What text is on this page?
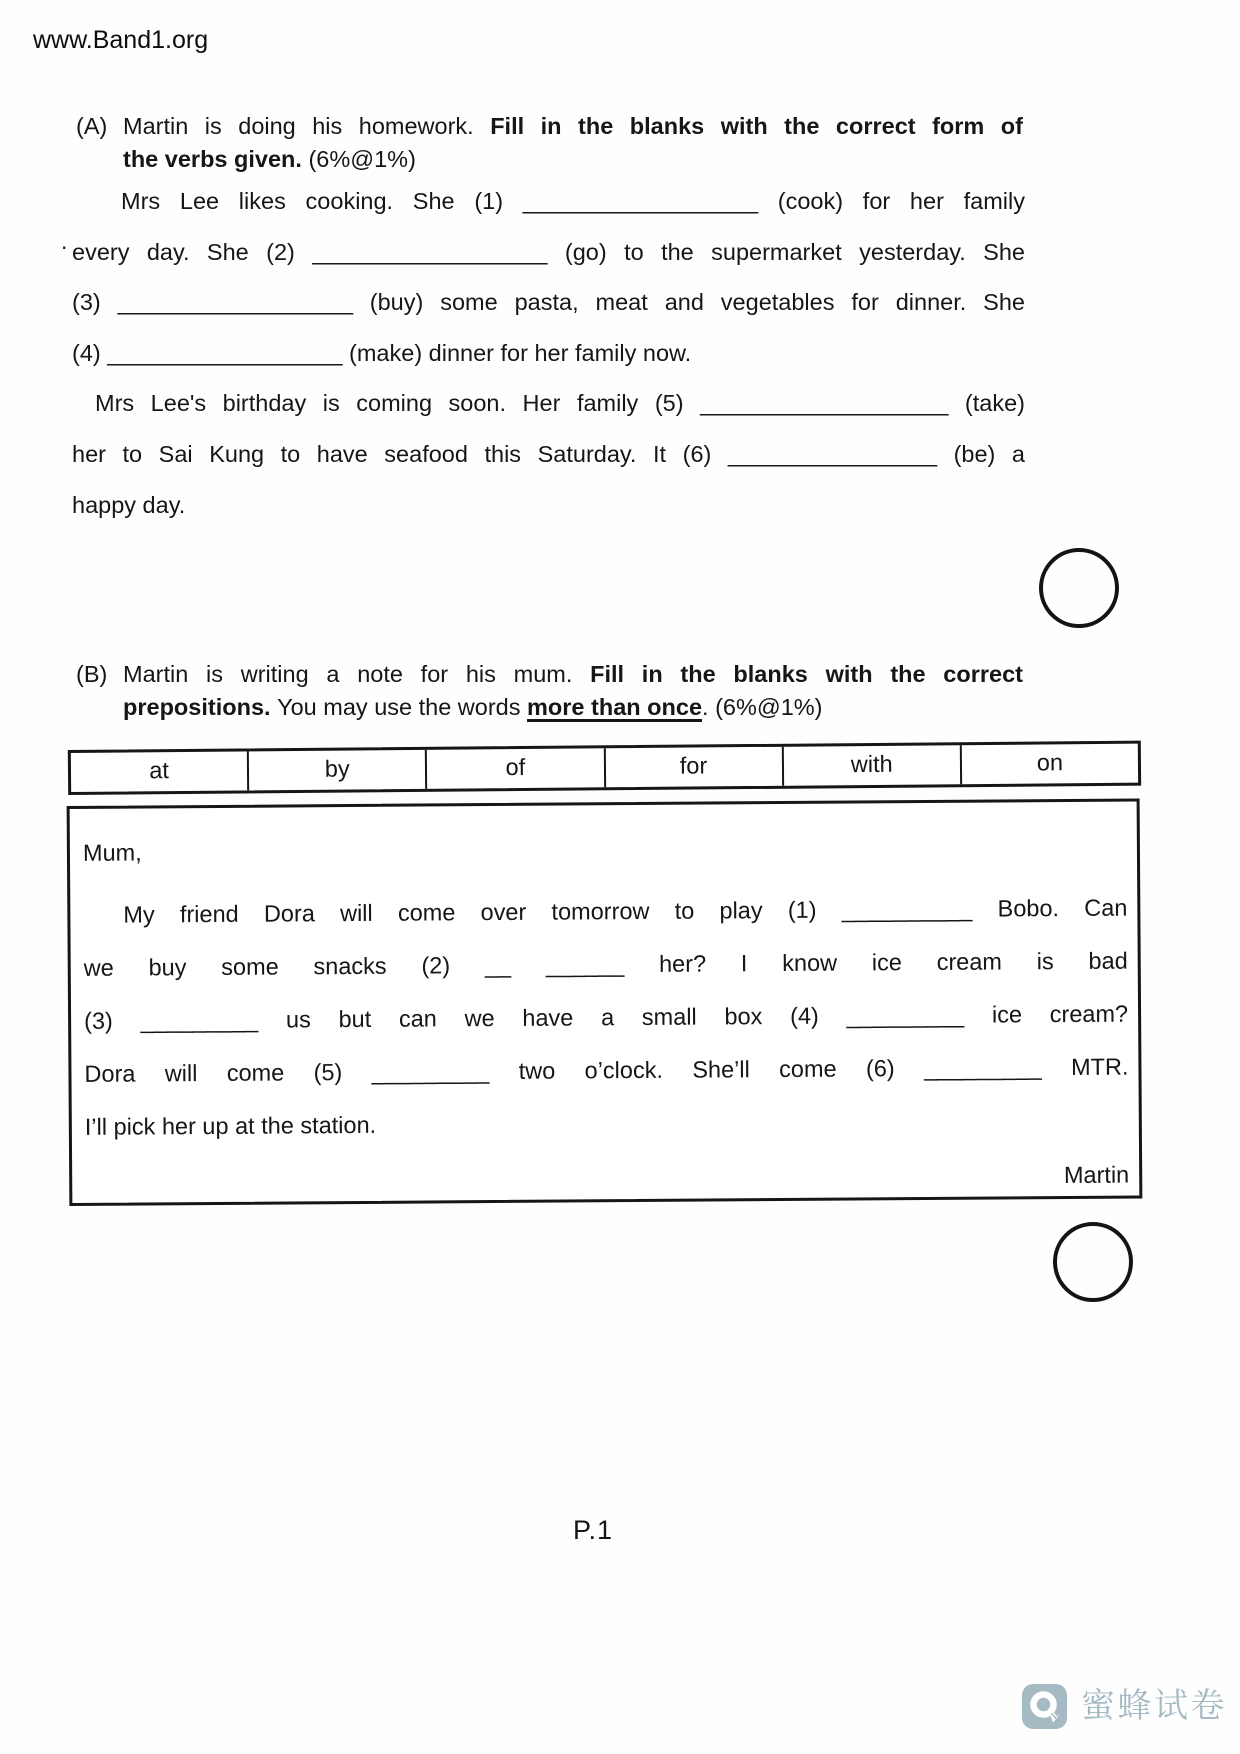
www.Band1.org
(A) Martin is doing his homework. Fill in the blanks with the correct form of
the verbs given. (6%@1%)
.
Mrs Lee likes cooking. She (1) __________________ (cook) for her family
every day. She (2) __________________ (go) to the supermarket yesterday. She
(3) __________________ (buy) some pasta, meat and vegetables for dinner. She
(4) __________________ (make) dinner for her family now.
Mrs Lee's birthday is coming soon. Her family (5) ___________________ (take)
her to Sai Kung to have seafood this Saturday. It (6) ________________ (be) a
happy day.
(B) Martin is writing a note for his mum. Fill in the blanks with the correct
prepositions. You may use the words more than once. (6%@1%)
at	by	of	for	with	on
Mum,
My friend Dora will come over tomorrow to play (1) __________ Bobo. Can
we buy some snacks (2) __ ______ her? I know ice cream is bad
(3) _________ us but can we have a small box (4) _________ ice cream?
Dora will come (5) _________ two o’clock. She’ll come (6) _________ MTR.
I’ll pick her up at the station.
Martin
P.1
蜜蜂试卷
